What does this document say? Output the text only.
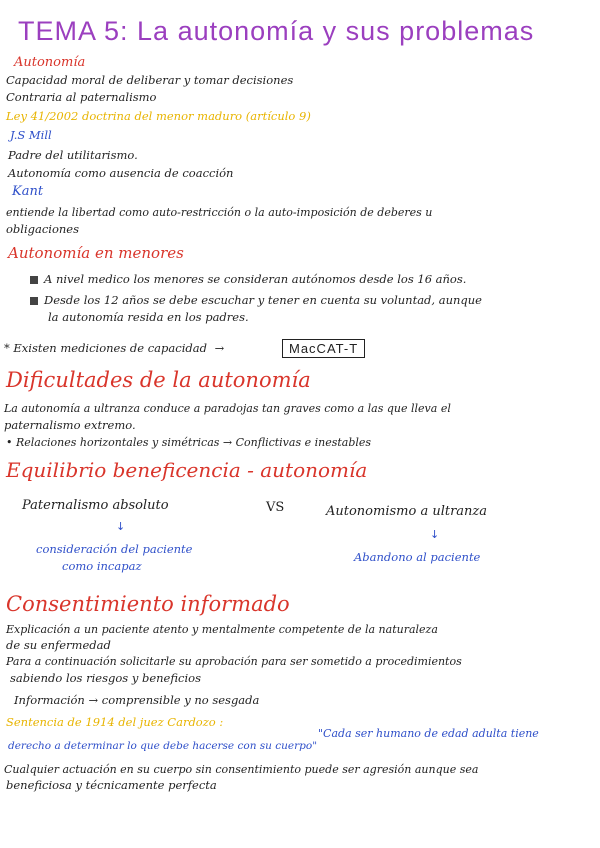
TEMA 5: La autonomía y sus problemas
Autonomía
Capacidad moral de deliberar y tomar decisiones
Contraria al paternalismo
Ley 41/2002 doctrina del menor maduro (artículo 9)
J.S Mill
Padre del utilitarismo.
Autonomía como ausencia de coacción
Kant
entiende la libertad como auto-restricción o la auto-imposición de deberes u
obligaciones
Autonomía en menores
A nivel medico los menores se consideran autónomos desde los 16 años.
Desde los 12 años se debe escuchar y tener en cuenta su voluntad, aunque
la autonomía resida en los padres.
* Existen mediciones de capacidad →	MacCAT-T
Dificultades de la autonomía
La autonomía a ultranza conduce a paradojas tan graves como a las que lleva el
paternalismo extremo.
• Relaciones horizontales y simétricas → Conflictivas e inestables
Equilibrio beneficencia - autonomía
Paternalismo absoluto	VS	Autonomismo a ultranza
↓
↓
consideración del paciente
como incapaz
Abandono al paciente
Consentimiento informado
Explicación a un paciente atento y mentalmente competente de la naturaleza
de su enfermedad
Para a continuación solicitarle su aprobación para ser sometido a procedimientos
sabiendo los riesgos y beneficios
Información → comprensible y no sesgada
Sentencia de 1914 del juez Cardozo :
"Cada ser humano de edad adulta tiene
derecho a determinar lo que debe hacerse con su cuerpo"
Cualquier actuación en su cuerpo sin consentimiento puede ser agresión aunque sea
beneficiosa y técnicamente perfecta
